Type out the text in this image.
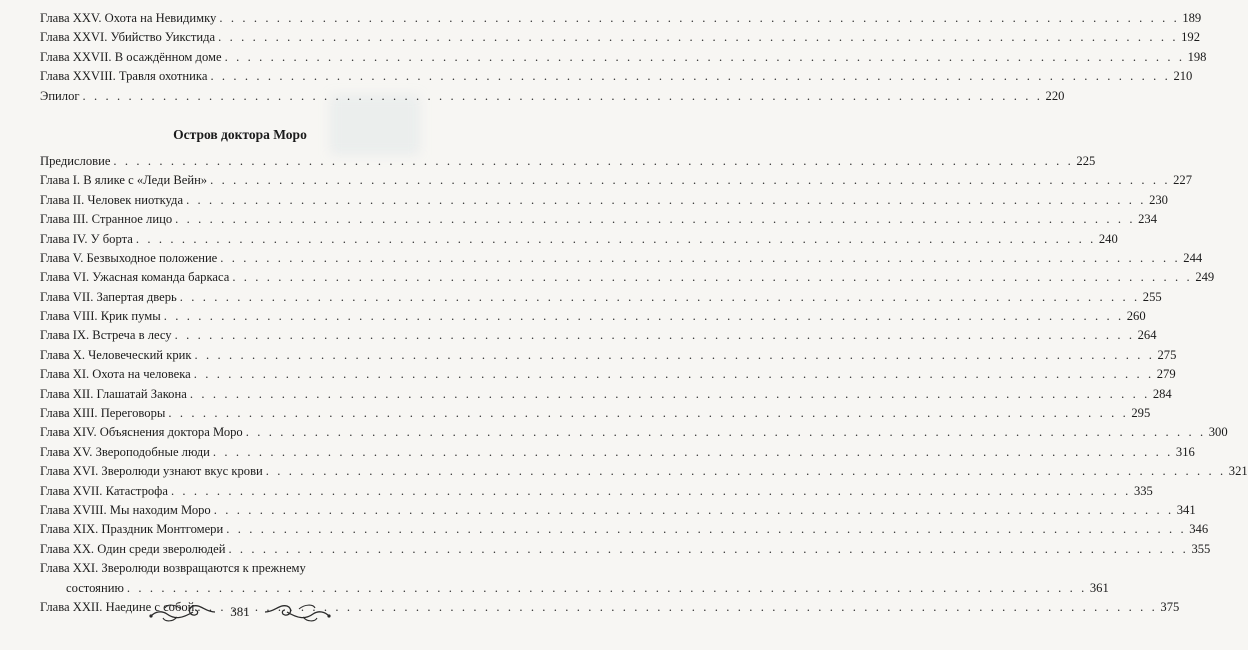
Глава XXV. Охота на Невидимку . . .	189
Глава XXVI. Убийство Уикстида . . .	192
Глава XXVII. В осаждённом доме . . .	198
Глава XXVIII. Травля охотника . . .	210
Эпилог . . .	220
Остров доктора Моро
Предисловие . . .	225
Глава I. В ялике с «Леди Вейн» . . .	227
Глава II. Человек ниоткуда . . .	230
Глава III. Странное лицо . . .	234
Глава IV. У борта . . .	240
Глава V. Безвыходное положение . . .	244
Глава VI. Ужасная команда баркаса . . .	249
Глава VII. Запертая дверь . . .	255
Глава VIII. Крик пумы . . .	260
Глава IX. Встреча в лесу . . .	264
Глава X. Человеческий крик . . .	275
Глава XI. Охота на человека . . .	279
Глава XII. Глашатай Закона . . .	284
Глава XIII. Переговоры . . .	295
Глава XIV. Объяснения доктора Моро . . .	300
Глава XV. Звероподобные люди . . .	316
Глава XVI. Зверолюди узнают вкус крови . . .	321
Глава XVII. Катастрофа . . .	335
Глава XVIII. Мы находим Моро . . .	341
Глава XIX. Праздник Монтгомери . . .	346
Глава XX. Один среди зверолюдей . . .	355
Глава XXI. Зверолюди возвращаются к прежнему
состоянию . . .	361
Глава XXII. Наедине с собой . . .	375
381
